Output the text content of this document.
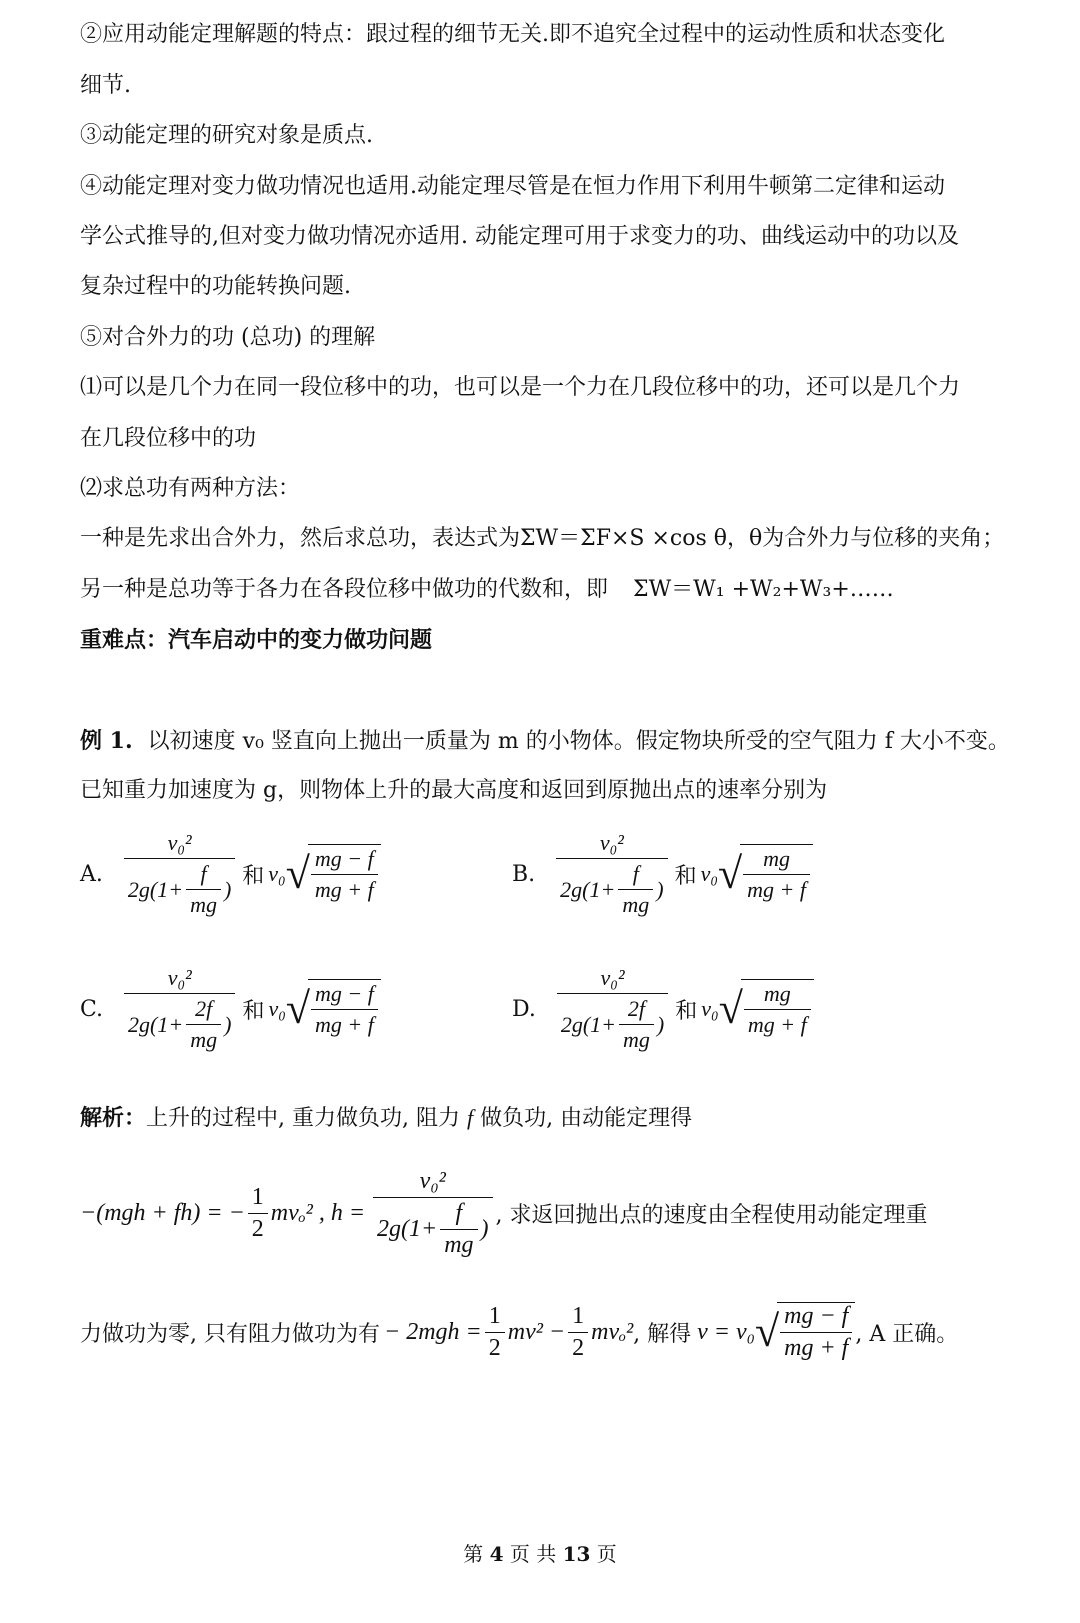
②应用动能定理解题的特点：跟过程的细节无关.即不追究全过程中的运动性质和状态变化
细节.
③动能定理的研究对象是质点.
④动能定理对变力做功情况也适用.动能定理尽管是在恒力作用下利用牛顿第二定律和运动
学公式推导的,但对变力做功情况亦适用. 动能定理可用于求变力的功、曲线运动中的功以及
复杂过程中的功能转换问题.
⑤对合外力的功 (总功) 的理解
⑴可以是几个力在同一段位移中的功，也可以是一个力在几段位移中的功，还可以是几个力
在几段位移中的功
⑵求总功有两种方法：
一种是先求出合外力，然后求总功，表达式为ΣW＝ΣF×S ×cos θ，θ为合外力与位移的夹角；
另一种是总功等于各力在各段位移中做功的代数和，即 ΣW＝W₁ +W₂+W₃+……
重难点：汽车启动中的变力做功问题
例 1. 以初速度 v₀ 竖直向上抛出一质量为 m 的小物体。假定物块所受的空气阻力 f 大小不变。
已知重力加速度为 g，则物体上升的最大高度和返回到原抛出点的速率分别为
A. $\frac{\text{v₀²}}{2g(1+ \frac{f}{mg} )}$ 和 v₀ √ $\frac{mg - f}{mg + f}$	B. $\frac{\text{v₀²}}{2g(1+ \frac{f}{mg} )}$ 和 v₀ √ $\frac{mg}{mg + f}$
C. $\frac{\text{v₀²}}{2g(1+ \frac{2f}{mg} )}$ 和 v₀ √ $\frac{mg - f}{mg + f}$	D. $\frac{\text{v₀²}}{2g(1+ \frac{2f}{mg} )}$ 和 v₀ √ $\frac{mg}{mg + f}$
解析：上升的过程中, 重力做负功, 阻力 f 做负功, 由动能定理得
−(mgh + fh) = − $\frac{1}{2} mv_o^2$ , $h = \frac{\text{v₀²}}{2g(1+ \frac{f}{mg} )}$ , 求返回抛出点的速度由全程使用动能定理重
力做功为零, 只有阻力做功为有 − $2mgh = \frac{1}{2} mv^2 - \frac{1}{2} mv_o^2$ , 解得 v = v₀ √ $\frac{mg - f}{mg + f}$ , A 正确。
第 4 页 共 13 页
